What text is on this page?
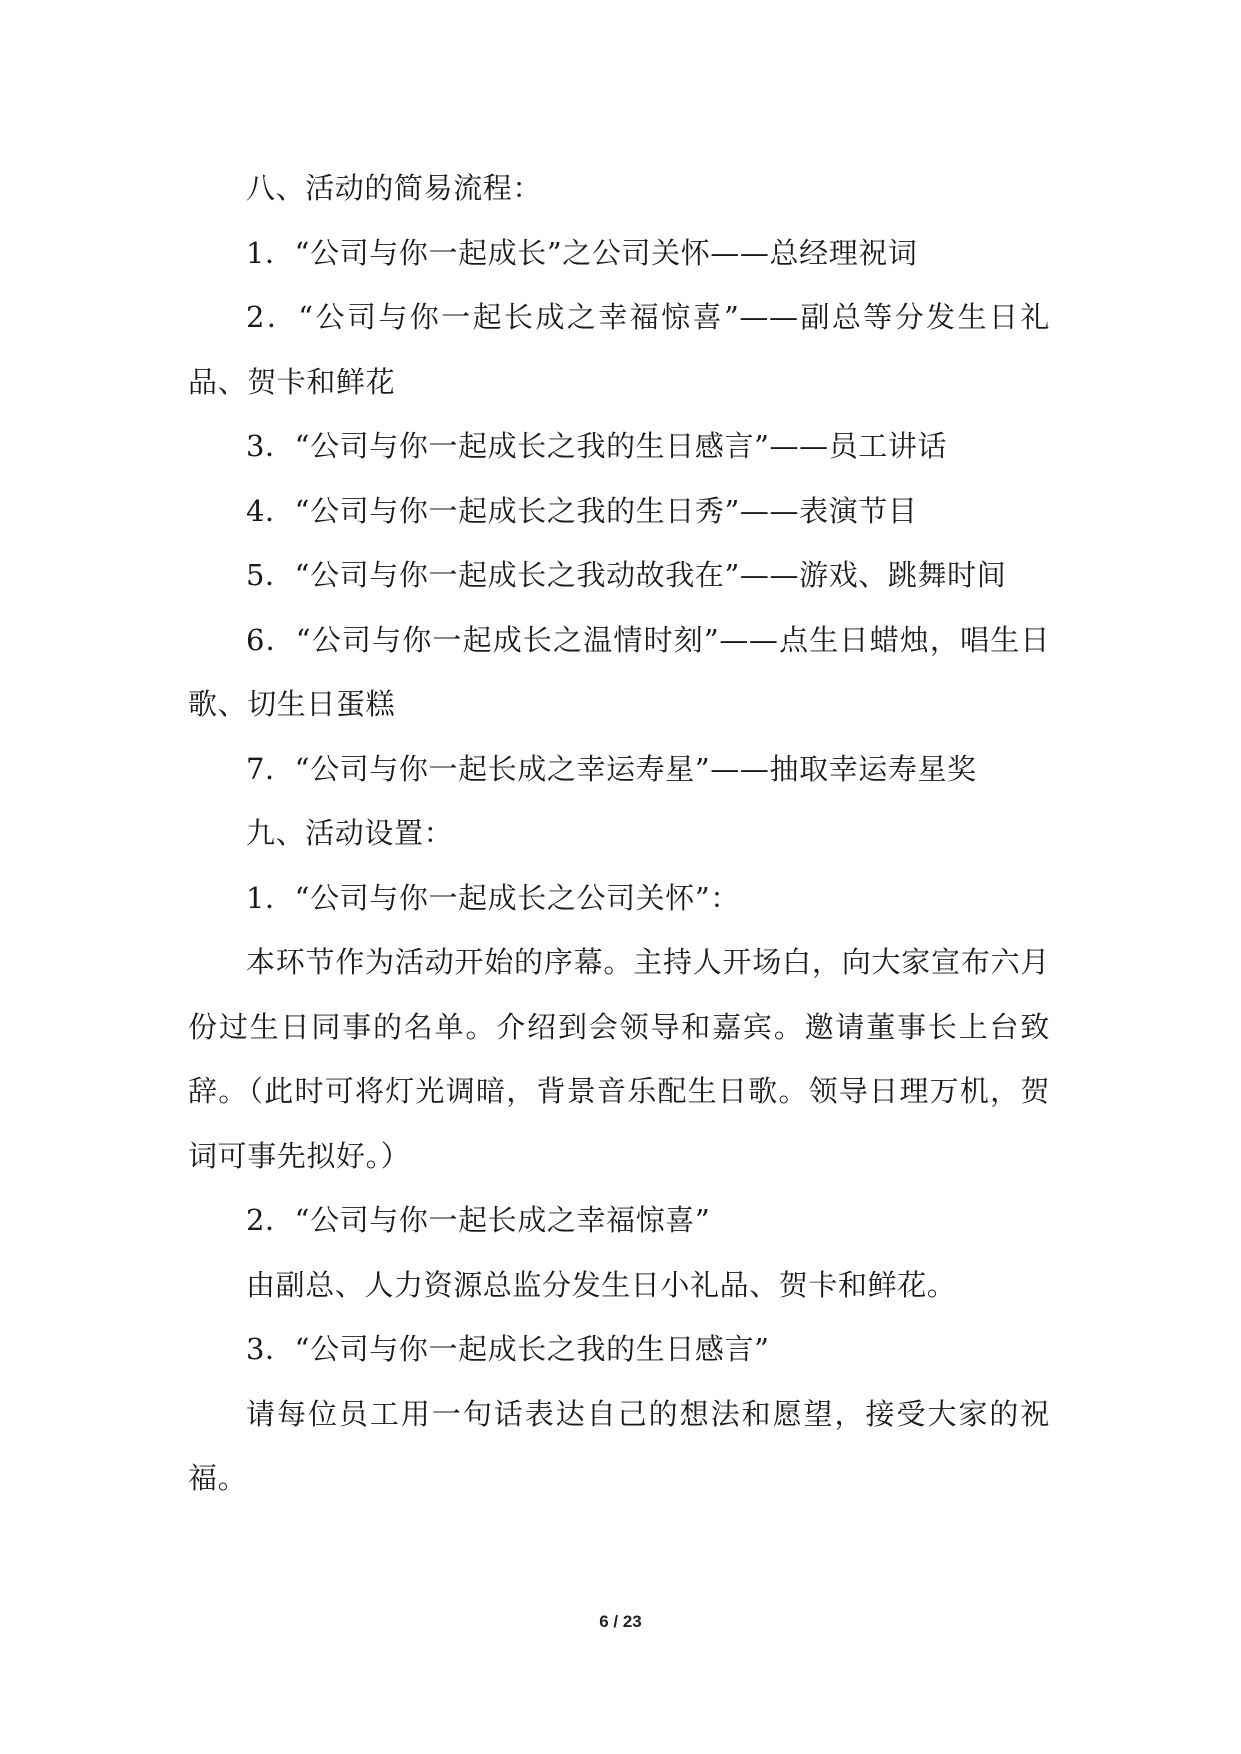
八、活动的简易流程：

1．“公司与你一起成长”之公司关怀——总经理祝词

2．“公司与你一起长成之幸福惊喜”——副总等分发生日礼品、贺卡和鲜花

3．“公司与你一起成长之我的生日感言”——员工讲话

4．“公司与你一起成长之我的生日秀”——表演节目

5．“公司与你一起成长之我动故我在”——游戏、跳舞时间

6．“公司与你一起成长之温情时刻”——点生日蜡烛，唱生日歌、切生日蛋糕

7．“公司与你一起长成之幸运寿星”——抽取幸运寿星奖

九、活动设置：

1．“公司与你一起成长之公司关怀”：

本环节作为活动开始的序幕。主持人开场白，向大家宣布六月份过生日同事的名单。介绍到会领导和嘉宾。邀请董事长上台致辞。（此时可将灯光调暗，背景音乐配生日歌。领导日理万机，贺词可事先拟好。）

2．“公司与你一起长成之幸福惊喜”

由副总、人力资源总监分发生日小礼品、贺卡和鲜花。

3．“公司与你一起成长之我的生日感言”

请每位员工用一句话表达自己的想法和愿望，接受大家的祝福。

6 / 23
